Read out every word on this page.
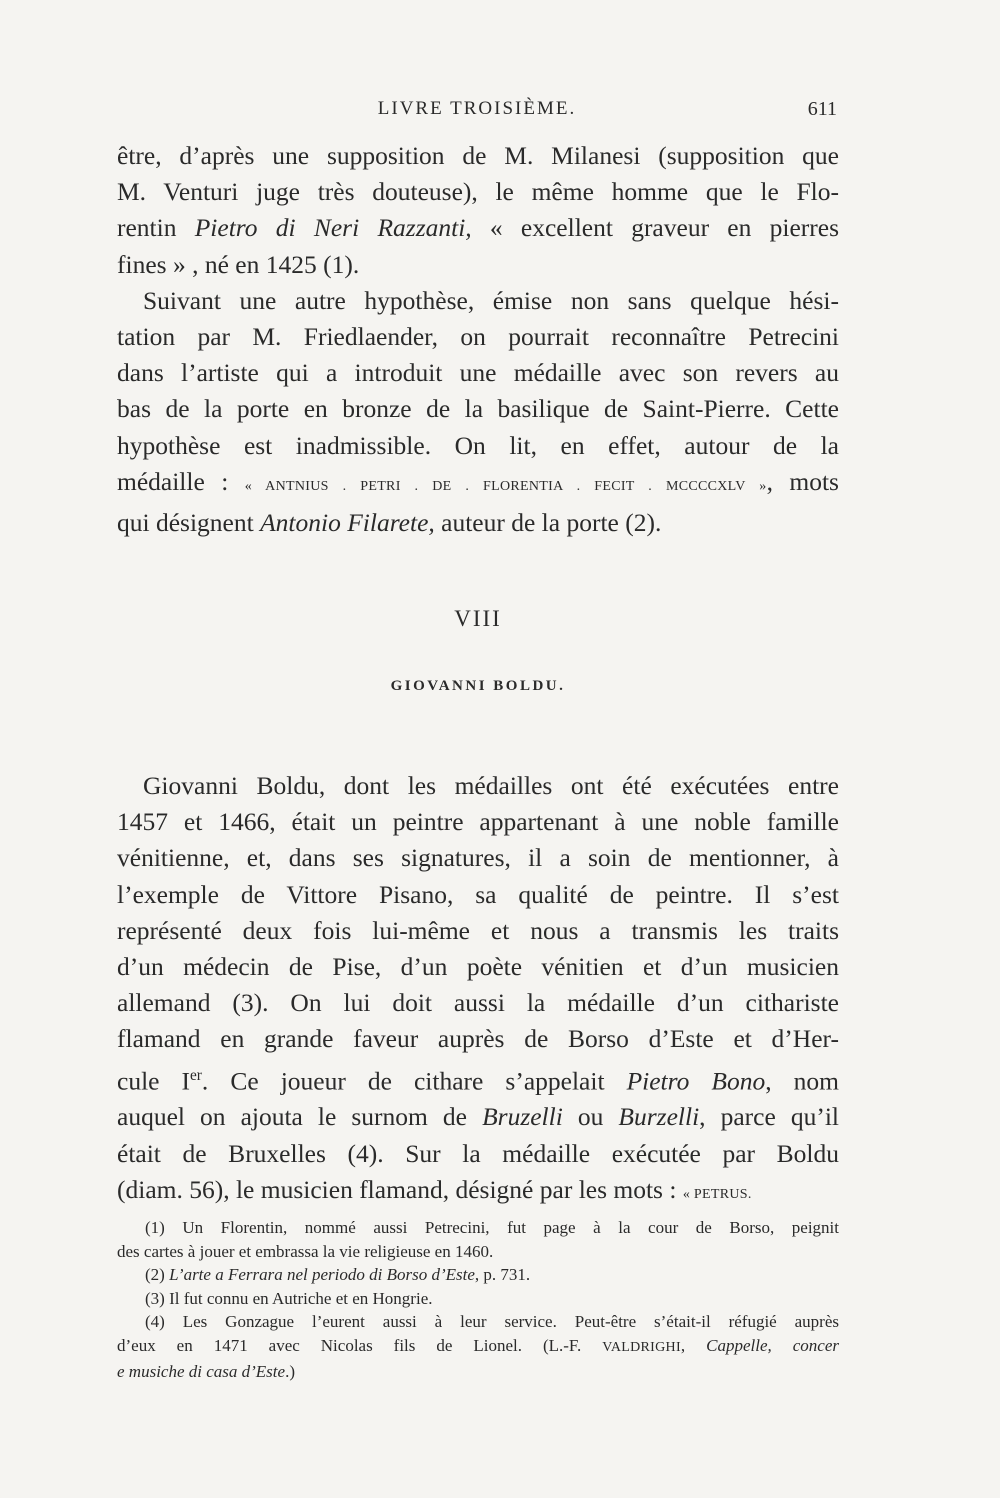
LIVRE TROISIÈME.	611
être, d’après une supposition de M. Milanesi (supposition que
M. Venturi juge très douteuse), le même homme que le Flo-
rentin Pietro di Neri Razzanti, « excellent graveur en pierres
fines » , né en 1425 (1).
Suivant une autre hypothèse, émise non sans quelque hési-
tation par M. Friedlaender, on pourrait reconnaître Petrecini
dans l’artiste qui a introduit une médaille avec son revers au
bas de la porte en bronze de la basilique de Saint-Pierre. Cette
hypothèse est inadmissible. On lit, en effet, autour de la
médaille : « ANTNIUS . PETRI . DE . FLORENTIA . FECIT . MCCCCXLV », mots
qui désignent Antonio Filarete, auteur de la porte (2).
VIII
GIOVANNI BOLDU.
Giovanni Boldu, dont les médailles ont été exécutées entre
1457 et 1466, était un peintre appartenant à une noble famille
vénitienne, et, dans ses signatures, il a soin de mentionner, à
l’exemple de Vittore Pisano, sa qualité de peintre. Il s’est
représenté deux fois lui-même et nous a transmis les traits
d’un médecin de Pise, d’un poète vénitien et d’un musicien
allemand (3). On lui doit aussi la médaille d’un cithariste
flamand en grande faveur auprès de Borso d’Este et d’Her-
cule Ier. Ce joueur de cithare s’appelait Pietro Bono, nom
auquel on ajouta le surnom de Bruzelli ou Burzelli, parce qu’il
était de Bruxelles (4). Sur la médaille exécutée par Boldu
(diam. 56), le musicien flamand, désigné par les mots : « PETRUS.
(1) Un Florentin, nommé aussi Petrecini, fut page à la cour de Borso, peignit
des cartes à jouer et embrassa la vie religieuse en 1460.
(2) L’arte a Ferrara nel periodo di Borso d’Este, p. 731.
(3) Il fut connu en Autriche et en Hongrie.
(4) Les Gonzague l’eurent aussi à leur service. Peut-être s’était-il réfugié auprès
d’eux en 1471 avec Nicolas fils de Lionel. (L.-F. VALDRIGHI, Cappelle, concer
e musiche di casa d’Este.)
